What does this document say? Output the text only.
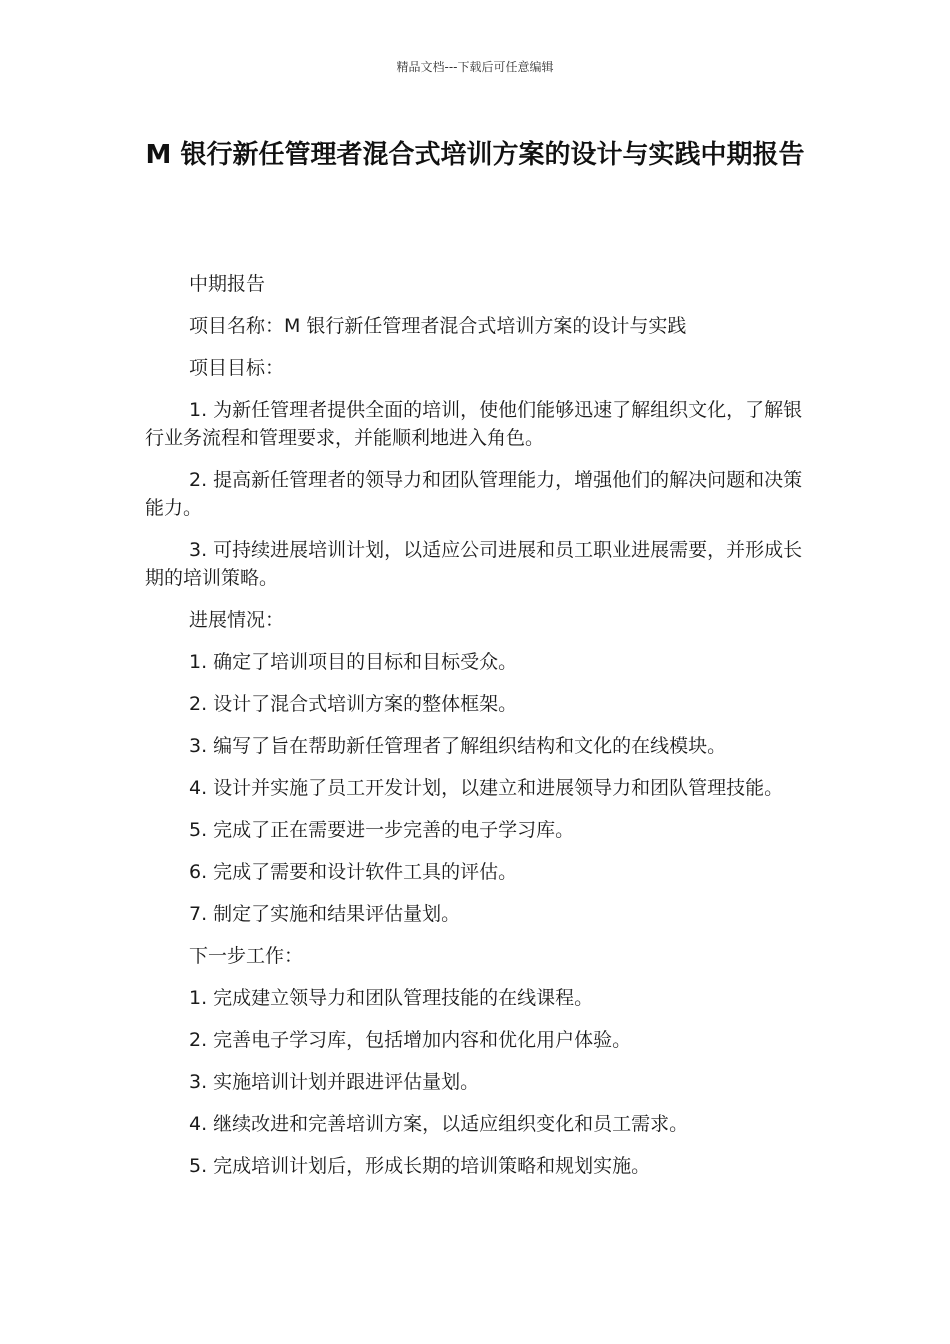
精品文档---下载后可任意编辑
M 银行新任管理者混合式培训方案的设计与实践中期报告

中期报告

项目名称：M 银行新任管理者混合式培训方案的设计与实践

项目目标：

1. 为新任管理者提供全面的培训，使他们能够迅速了解组织文化，了解银行业务流程和管理要求，并能顺利地进入角色。

2. 提高新任管理者的领导力和团队管理能力，增强他们的解决问题和决策能力。

3. 可持续进展培训计划，以适应公司进展和员工职业进展需要，并形成长期的培训策略。

进展情况：

1. 确定了培训项目的目标和目标受众。

2. 设计了混合式培训方案的整体框架。

3. 编写了旨在帮助新任管理者了解组织结构和文化的在线模块。

4. 设计并实施了员工开发计划，以建立和进展领导力和团队管理技能。

5. 完成了正在需要进一步完善的电子学习库。

6. 完成了需要和设计软件工具的评估。

7. 制定了实施和结果评估量划。

下一步工作：

1. 完成建立领导力和团队管理技能的在线课程。

2. 完善电子学习库，包括增加内容和优化用户体验。

3. 实施培训计划并跟进评估量划。

4. 继续改进和完善培训方案，以适应组织变化和员工需求。

5. 完成培训计划后，形成长期的培训策略和规划实施。
